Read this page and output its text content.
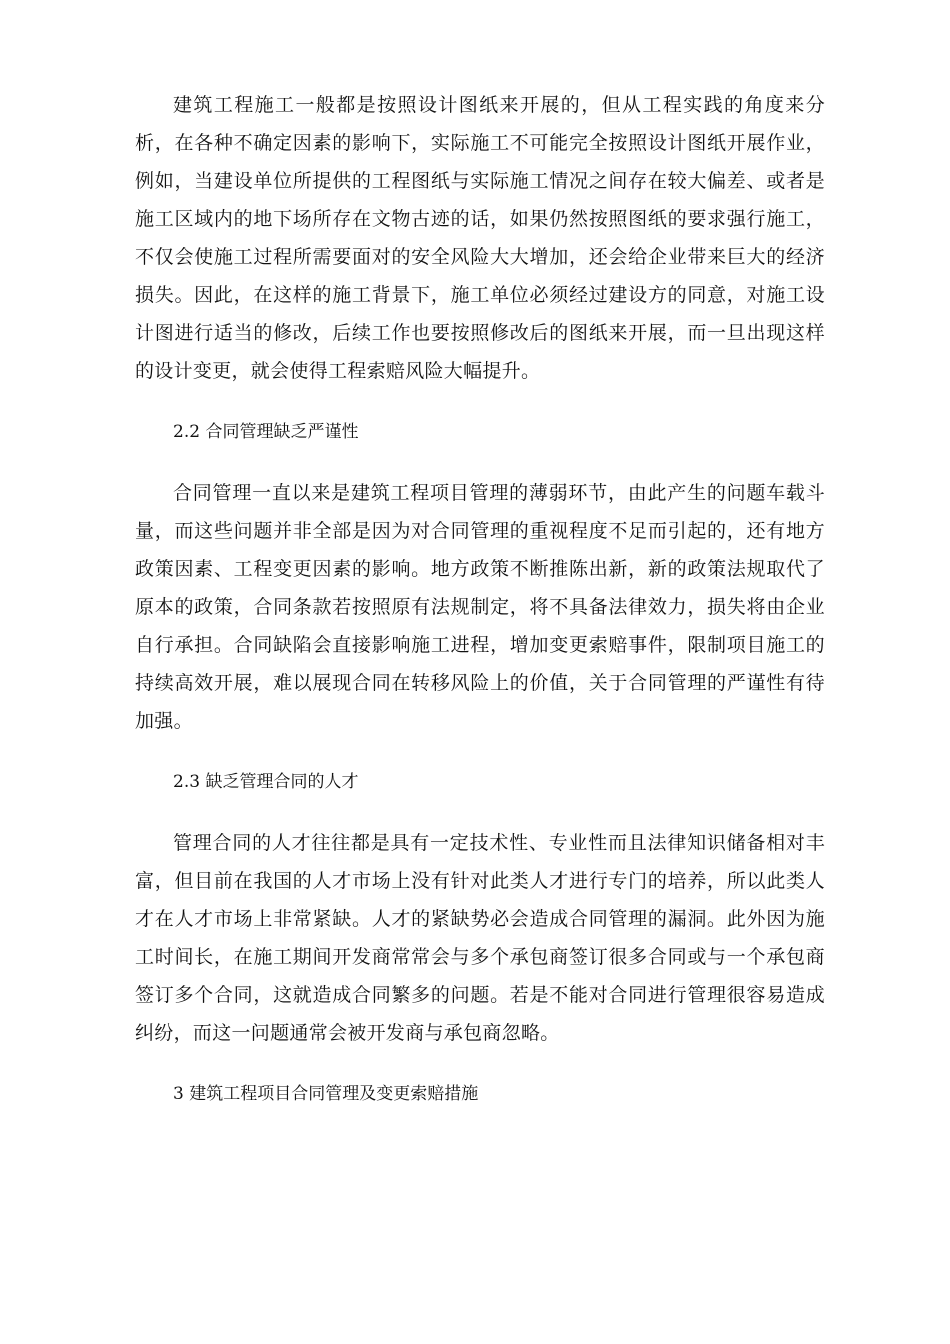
建筑工程施工一般都是按照设计图纸来开展的，但从工程实践的角度来分析，在各种不确定因素的影响下，实际施工不可能完全按照设计图纸开展作业，例如，当建设单位所提供的工程图纸与实际施工情况之间存在较大偏差、或者是施工区域内的地下场所存在文物古迹的话，如果仍然按照图纸的要求强行施工，不仅会使施工过程所需要面对的安全风险大大增加，还会给企业带来巨大的经济损失。因此，在这样的施工背景下，施工单位必须经过建设方的同意，对施工设计图进行适当的修改，后续工作也要按照修改后的图纸来开展，而一旦出现这样的设计变更，就会使得工程索赔风险大幅提升。

2.2 合同管理缺乏严谨性

合同管理一直以来是建筑工程项目管理的薄弱环节，由此产生的问题车载斗量，而这些问题并非全部是因为对合同管理的重视程度不足而引起的，还有地方政策因素、工程变更因素的影响。地方政策不断推陈出新，新的政策法规取代了原本的政策，合同条款若按照原有法规制定，将不具备法律效力，损失将由企业自行承担。合同缺陷会直接影响施工进程，增加变更索赔事件，限制项目施工的持续高效开展，难以展现合同在转移风险上的价值，关于合同管理的严谨性有待加强。

2.3 缺乏管理合同的人才

管理合同的人才往往都是具有一定技术性、专业性而且法律知识储备相对丰富，但目前在我国的人才市场上没有针对此类人才进行专门的培养，所以此类人才在人才市场上非常紧缺。人才的紧缺势必会造成合同管理的漏洞。此外因为施工时间长，在施工期间开发商常常会与多个承包商签订很多合同或与一个承包商签订多个合同，这就造成合同繁多的问题。若是不能对合同进行管理很容易造成纠纷，而这一问题通常会被开发商与承包商忽略。

3 建筑工程项目合同管理及变更索赔措施
